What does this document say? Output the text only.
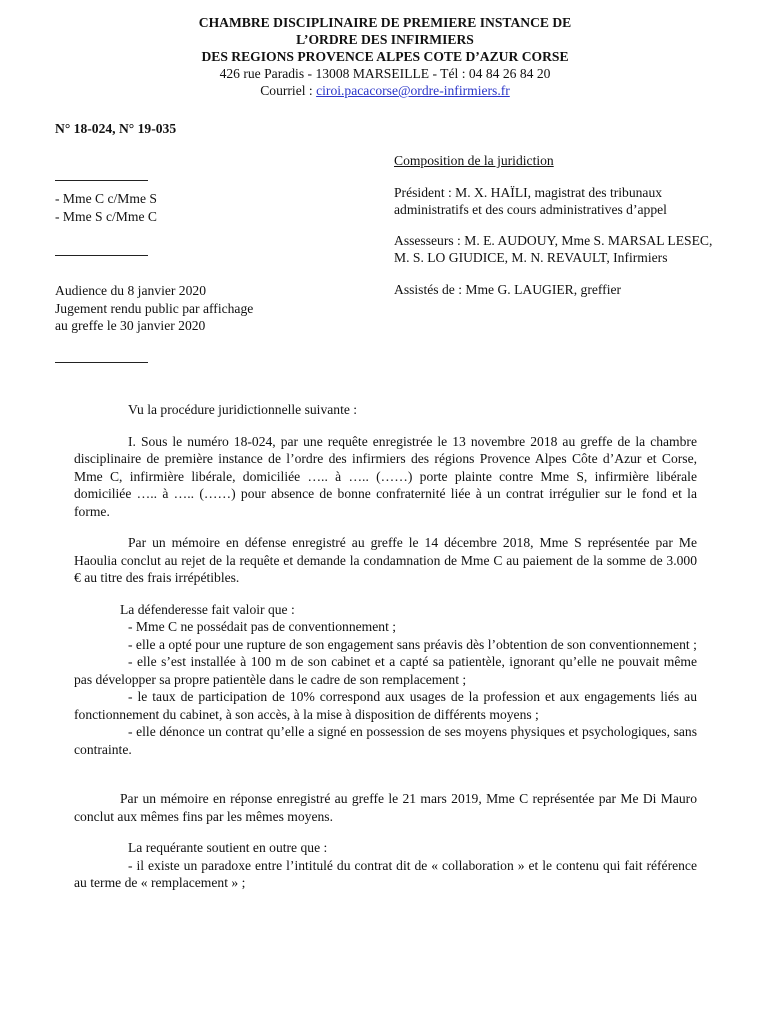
CHAMBRE DISCIPLINAIRE DE PREMIERE INSTANCE DE
L’ORDRE DES INFIRMIERS
DES REGIONS PROVENCE ALPES COTE D’AZUR CORSE
426 rue Paradis - 13008 MARSEILLE - Tél : 04 84 26 84 20
Courriel : ciroi.pacacorse@ordre-infirmiers.fr
N° 18-024, N° 19-035
- Mme C c/Mme S
- Mme S c/Mme C
Audience du 8 janvier 2020
Jugement rendu public par affichage
au greffe le 30 janvier 2020
Composition de la juridiction
Président : M. X. HAÏLI, magistrat des tribunaux administratifs et des cours administratives d’appel
Assesseurs : M. E. AUDOUY, Mme S. MARSAL LESEC, M. S. LO GIUDICE, M. N. REVAULT, Infirmiers
Assistés de : Mme G. LAUGIER, greffier

Vu la procédure juridictionnelle suivante :

I. Sous le numéro 18-024, par une requête enregistrée le 13 novembre 2018 au greffe de la chambre disciplinaire de première instance de l’ordre des infirmiers des régions Provence Alpes Côte d’Azur et Corse, Mme C, infirmière libérale, domiciliée ….. à ….. (……) porte plainte contre Mme S, infirmière libérale domiciliée ….. à ….. (……) pour absence de bonne confraternité liée à un contrat irrégulier sur le fond et la forme.

Par un mémoire en défense enregistré au greffe le 14 décembre 2018, Mme S représentée par Me Haoulia conclut au rejet de la requête et demande la condamnation de Mme C au paiement de la somme de 3.000 € au titre des frais irrépétibles.

La défenderesse fait valoir que :

- Mme C ne possédait pas de conventionnement ;

- elle a opté pour une rupture de son engagement sans préavis dès l’obtention de son conventionnement ;

- elle s’est installée à 100 m de son cabinet et a capté sa patientèle, ignorant qu’elle ne pouvait même pas développer sa propre patientèle dans le cadre de son remplacement ;

- le taux de participation de 10% correspond aux usages de la profession et aux engagements liés au fonctionnement du cabinet, à son accès, à la mise à disposition de différents moyens ;

- elle dénonce un contrat qu’elle a signé en possession de ses moyens physiques et psychologiques, sans contrainte.

Par un mémoire en réponse enregistré au greffe le 21 mars 2019, Mme C représentée par Me Di Mauro conclut aux mêmes fins par les mêmes moyens.

La requérante soutient en outre que :

- il existe un paradoxe entre l’intitulé du contrat dit de « collaboration » et le contenu qui fait référence au terme de « remplacement » ;
